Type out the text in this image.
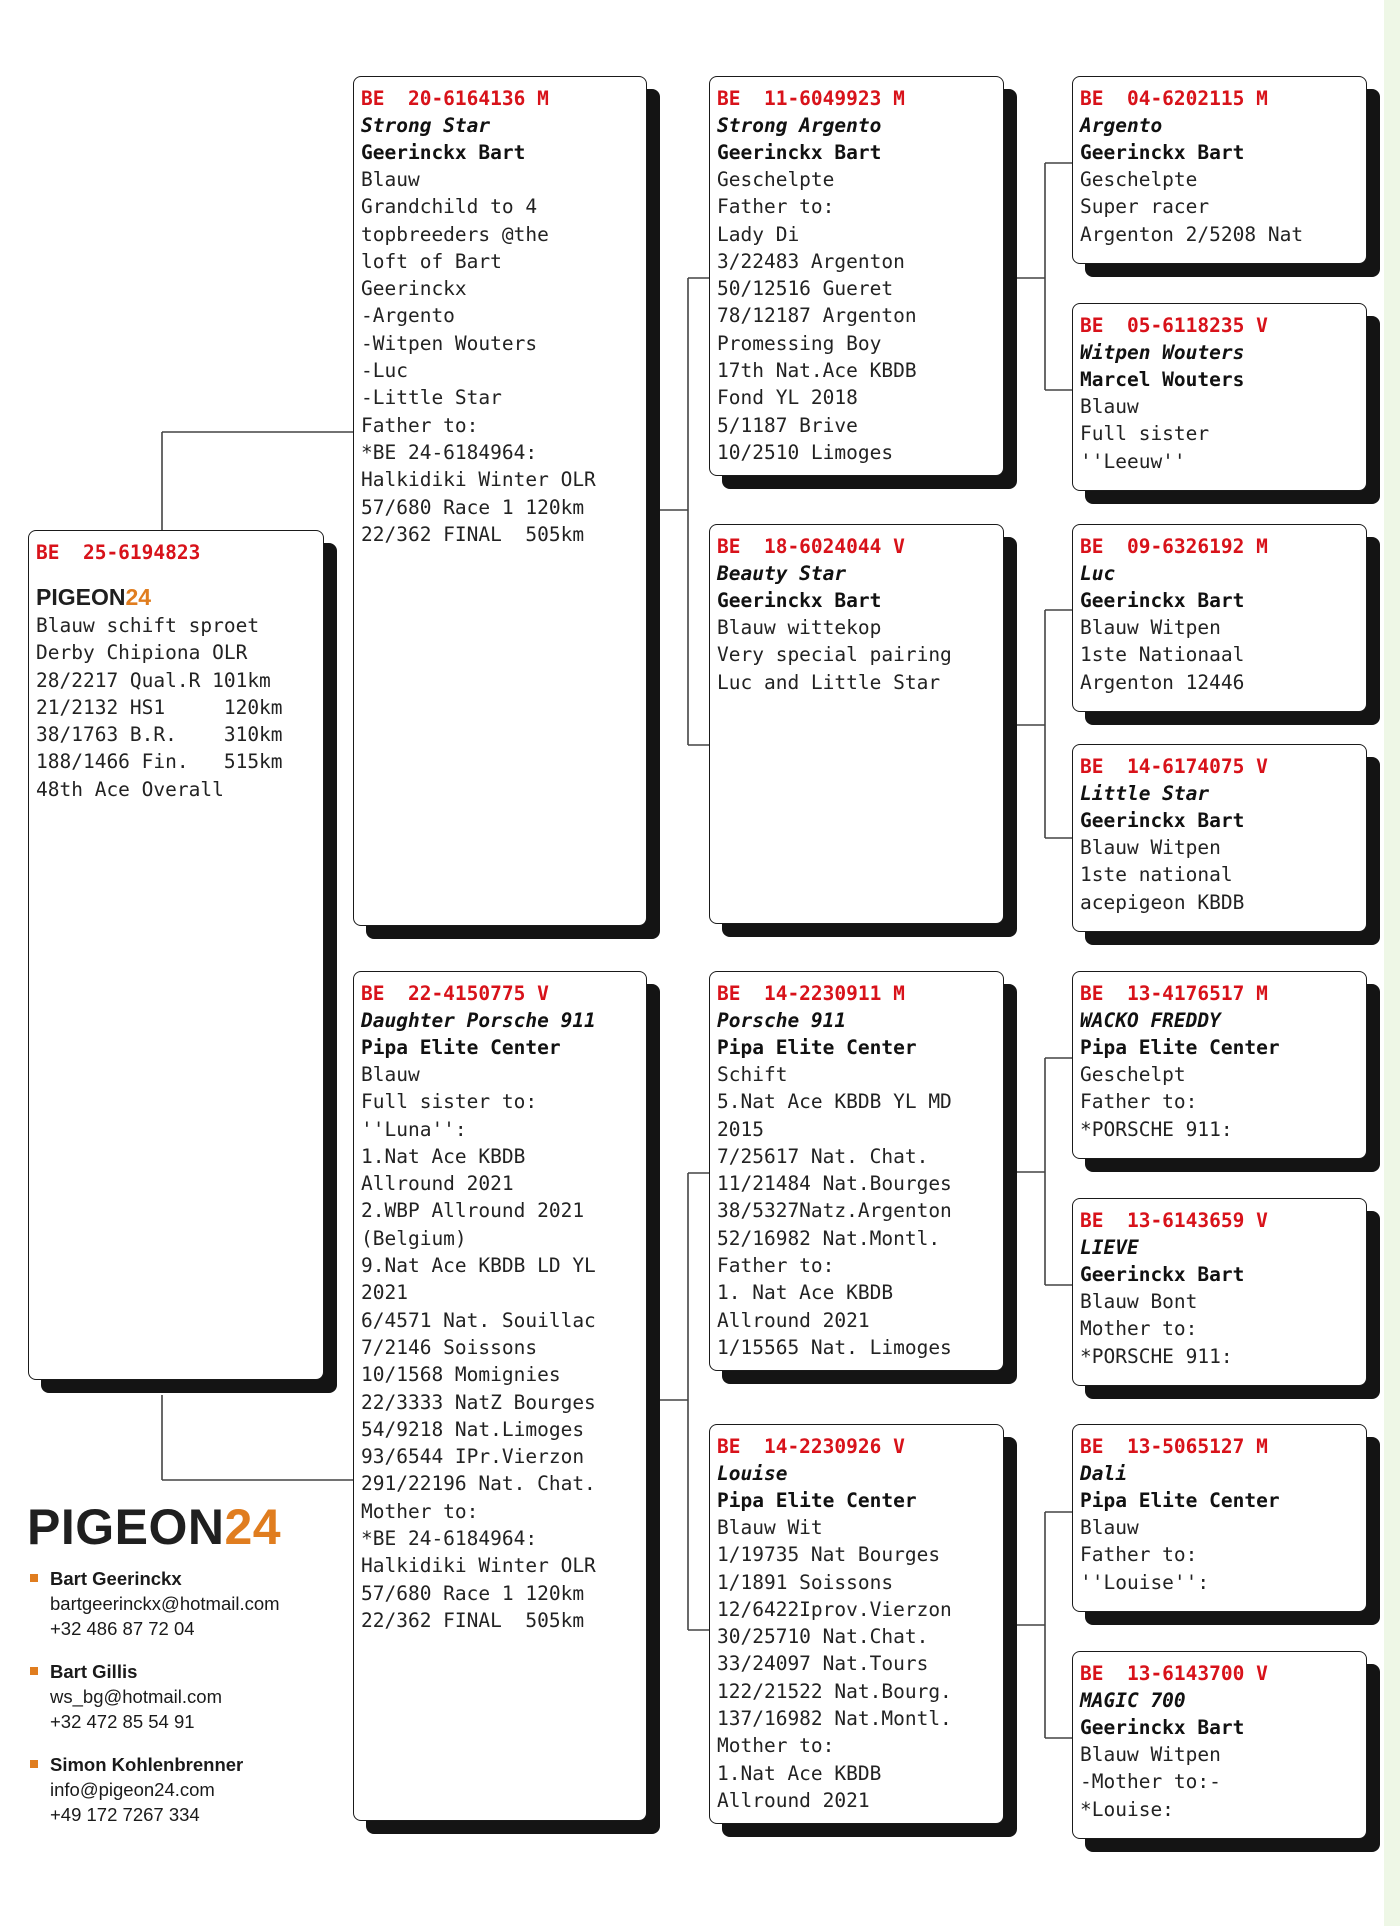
BE  25-6194823
PIGEON24
Blauw schift sproet
Derby Chipiona OLR
28/2217 Qual.R 101km
21/2132 HS1     120km
38/1763 B.R.    310km
188/1466 Fin.   515km
48th Ace Overall
BE  20-6164136 M
Strong Star
Geerinckx Bart
Blauw
Grandchild to 4
topbreeders @the
loft of Bart
Geerinckx
-Argento
-Witpen Wouters
-Luc
-Little Star
Father to:
*BE 24-6184964:
Halkidiki Winter OLR
57/680 Race 1 120km
22/362 FINAL  505km
BE  22-4150775 V
Daughter Porsche 911
Pipa Elite Center
Blauw
Full sister to:
''Luna'':
1.Nat Ace KBDB
Allround 2021
2.WBP Allround 2021
(Belgium)
9.Nat Ace KBDB LD YL
2021
6/4571 Nat. Souillac
7/2146 Soissons
10/1568 Momignies
22/3333 NatZ Bourges
54/9218 Nat.Limoges
93/6544 IPr.Vierzon
291/22196 Nat. Chat.
Mother to:
*BE 24-6184964:
Halkidiki Winter OLR
57/680 Race 1 120km
22/362 FINAL  505km
BE  11-6049923 M
Strong Argento
Geerinckx Bart
Geschelpte
Father to:
Lady Di
3/22483 Argenton
50/12516 Gueret
78/12187 Argenton
Promessing Boy
17th Nat.Ace KBDB
Fond YL 2018
5/1187 Brive
10/2510 Limoges
BE  18-6024044 V
Beauty Star
Geerinckx Bart
Blauw wittekop
Very special pairing
Luc and Little Star
BE  14-2230911 M
Porsche 911
Pipa Elite Center
Schift
5.Nat Ace KBDB YL MD
2015
7/25617 Nat. Chat.
11/21484 Nat.Bourges
38/5327Natz.Argenton
52/16982 Nat.Montl.
Father to:
1. Nat Ace KBDB
Allround 2021
1/15565 Nat. Limoges
BE  14-2230926 V
Louise
Pipa Elite Center
Blauw Wit
1/19735 Nat Bourges
1/1891 Soissons
12/6422Iprov.Vierzon
30/25710 Nat.Chat.
33/24097 Nat.Tours
122/21522 Nat.Bourg.
137/16982 Nat.Montl.
Mother to:
1.Nat Ace KBDB
Allround 2021
BE  04-6202115 M
Argento
Geerinckx Bart
Geschelpte
Super racer
Argenton 2/5208 Nat
BE  05-6118235 V
Witpen Wouters
Marcel Wouters
Blauw
Full sister
''Leeuw''
BE  09-6326192 M
Luc
Geerinckx Bart
Blauw Witpen
1ste Nationaal
Argenton 12446
BE  14-6174075 V
Little Star
Geerinckx Bart
Blauw Witpen
1ste national
acepigeon KBDB
BE  13-4176517 M
WACKO FREDDY
Pipa Elite Center
Geschelpt
Father to:
*PORSCHE 911:
BE  13-6143659 V
LIEVE
Geerinckx Bart
Blauw Bont
Mother to:
*PORSCHE 911:
BE  13-5065127 M
Dali
Pipa Elite Center
Blauw
Father to:
''Louise'':
BE  13-6143700 V
MAGIC 700
Geerinckx Bart
Blauw Witpen
-Mother to:-
*Louise:
PIGEON24
Bart Geerinckx
bartgeerinckx@hotmail.com
+32 486 87 72 04
Bart Gillis
ws_bg@hotmail.com
+32 472 85 54 91
Simon Kohlenbrenner
info@pigeon24.com
+49 172 7267 334
